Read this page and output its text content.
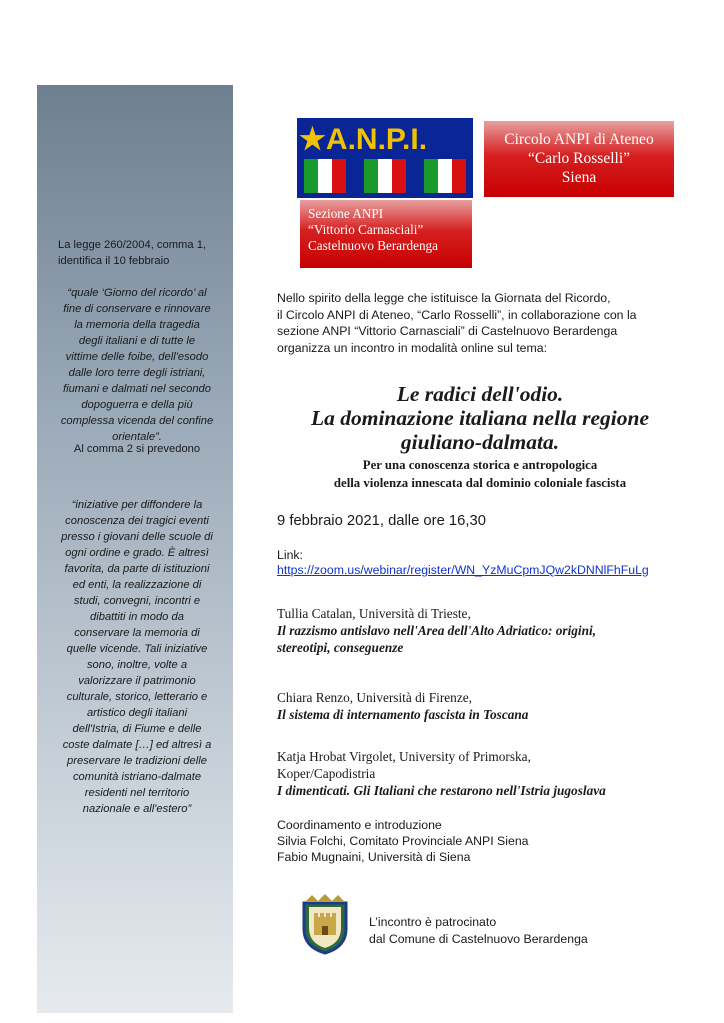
La legge 260/2004, comma 1,
identifica il 10 febbraio
“quale ‘Giorno del ricordo’ al
fine di conservare e rinnovare
la memoria della tragedia
degli italiani e di tutte le
vittime delle foibe, dell'esodo
dalle loro terre degli istriani,
fiumani e dalmati nel secondo
dopoguerra e della più
complessa vicenda del confine
orientale”.
Al comma 2 si prevedono
“iniziative per diffondere la
conoscenza dei tragici eventi
presso i giovani delle scuole di
ogni ordine e grado. È altresì
favorita, da parte di istituzioni
ed enti, la realizzazione di
studi, convegni, incontri e
dibattiti in modo da
conservare la memoria di
quelle vicende. Tali iniziative
sono, inoltre, volte a
valorizzare il patrimonio
culturale, storico, letterario e
artistico degli italiani
dell'Istria, di Fiume e delle
coste dalmate […] ed altresì a
preservare le tradizioni delle
comunità istriano-dalmate
residenti nel territorio
nazionale e all'estero”
★A.N.P.I.	Circolo ANPI di Ateneo
“Carlo Rosselli”
Siena
Sezione ANPI
“Vittorio Carnasciali”
Castelnuovo Berardenga
Nello spirito della legge che istituisce la Giornata del Ricordo,
il Circolo ANPI di Ateneo, “Carlo Rosselli”, in collaborazione con la
sezione ANPI “Vittorio Carnasciali” di Castelnuovo Berardenga
organizza un incontro in modalità online sul tema:
Le radici dell'odio.
La dominazione italiana nella regione
giuliano-dalmata.
Per una conoscenza storica e antropologica
della violenza innescata dal dominio coloniale fascista
9 febbraio 2021, dalle ore 16,30
Link:
https://zoom.us/webinar/register/WN_YzMuCpmJQw2kDNNlFhFuLg
Tullia Catalan, Università di Trieste,
Il razzismo antislavo nell'Area dell'Alto Adriatico: origini,
stereotipi, conseguenze
Chiara Renzo, Università di Firenze,
Il sistema di internamento fascista in Toscana
Katja Hrobat Virgolet, University of Primorska,
Koper/Capodistria
I dimenticati. Gli Italiani che restarono nell'Istria jugoslava
Coordinamento e introduzione
Silvia Folchi, Comitato Provinciale ANPI Siena
Fabio Mugnaini, Università di Siena
L’incontro è patrocinato
dal Comune di Castelnuovo Berardenga
